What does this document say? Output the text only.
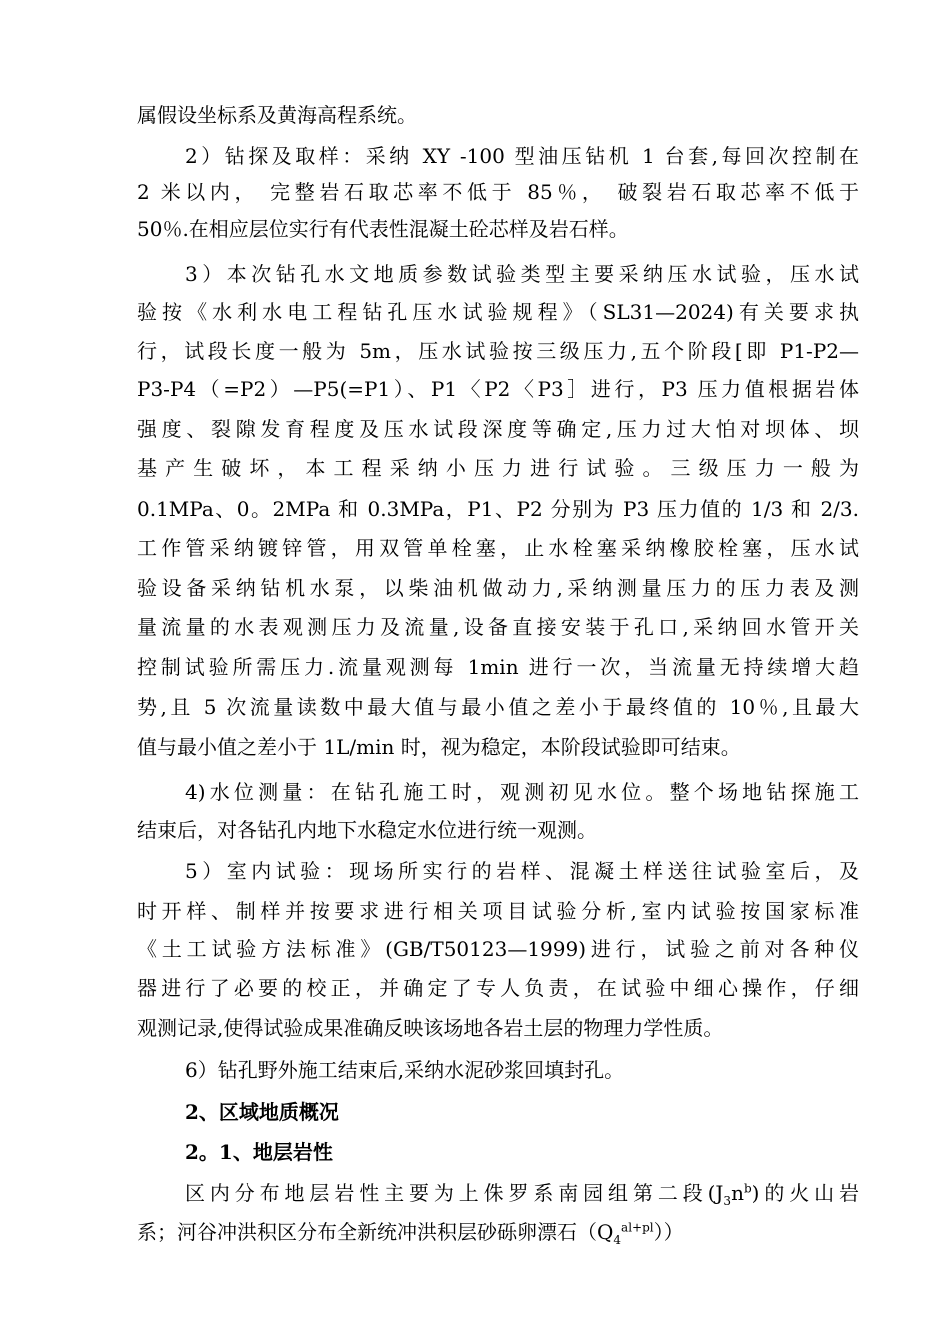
属假设坐标系及黄海高程系统。
2）钻探及取样：采纳 XY -100 型油压钻机 1 台套,每回次控制在
2 米以内， 完整岩石取芯率不低于 85％， 破裂岩石取芯率不低于
50％.在相应层位实行有代表性混凝土砼芯样及岩石样。
3）本次钻孔水文地质参数试验类型主要采纳压水试验，压水试
验按《水利水电工程钻孔压水试验规程》（SL31—2024)有关要求执
行，试段长度一般为 5m，压水试验按三级压力,五个阶段[即 P1-P2—
P3-P4（=P2）—P5(=P1）、P1〈P2〈P3］进行，P3 压力值根据岩体
强度、裂隙发育程度及压水试段深度等确定,压力过大怕对坝体、坝
基产生破坏，本工程采纳小压力进行试验。三级压力一般为
0.1MPa、0。2MPa 和 0.3MPa，P1、P2 分别为 P3 压力值的 1/3 和 2/3.
工作管采纳镀锌管，用双管单栓塞，止水栓塞采纳橡胶栓塞，压水试
验设备采纳钻机水泵，以柴油机做动力,采纳测量压力的压力表及测
量流量的水表观测压力及流量,设备直接安装于孔口,采纳回水管开关
控制试验所需压力.流量观测每 1min 进行一次，当流量无持续增大趋
势,且 5 次流量读数中最大值与最小值之差小于最终值的 10％,且最大
值与最小值之差小于 1L/min 时，视为稳定，本阶段试验即可结束。
4)水位测量：在钻孔施工时，观测初见水位。整个场地钻探施工
结束后，对各钻孔内地下水稳定水位进行统一观测。
5）室内试验：现场所实行的岩样、混凝土样送往试验室后，及
时开样、制样并按要求进行相关项目试验分析,室内试验按国家标准
《土工试验方法标准》(GB/T50123—1999)进行，试验之前对各种仪
器进行了必要的校正，并确定了专人负责，在试验中细心操作，仔细
观测记录,使得试验成果准确反映该场地各岩土层的物理力学性质。
6）钻孔野外施工结束后,采纳水泥砂浆回填封孔。
2、区域地质概况
2。1、地层岩性
区内分布地层岩性主要为上侏罗系南园组第二段$(J_3n^b)$的火山岩
系；河谷冲洪积区分布全新统冲洪积层砂砾卵漂石$(Q_4^{al+pl})$）
